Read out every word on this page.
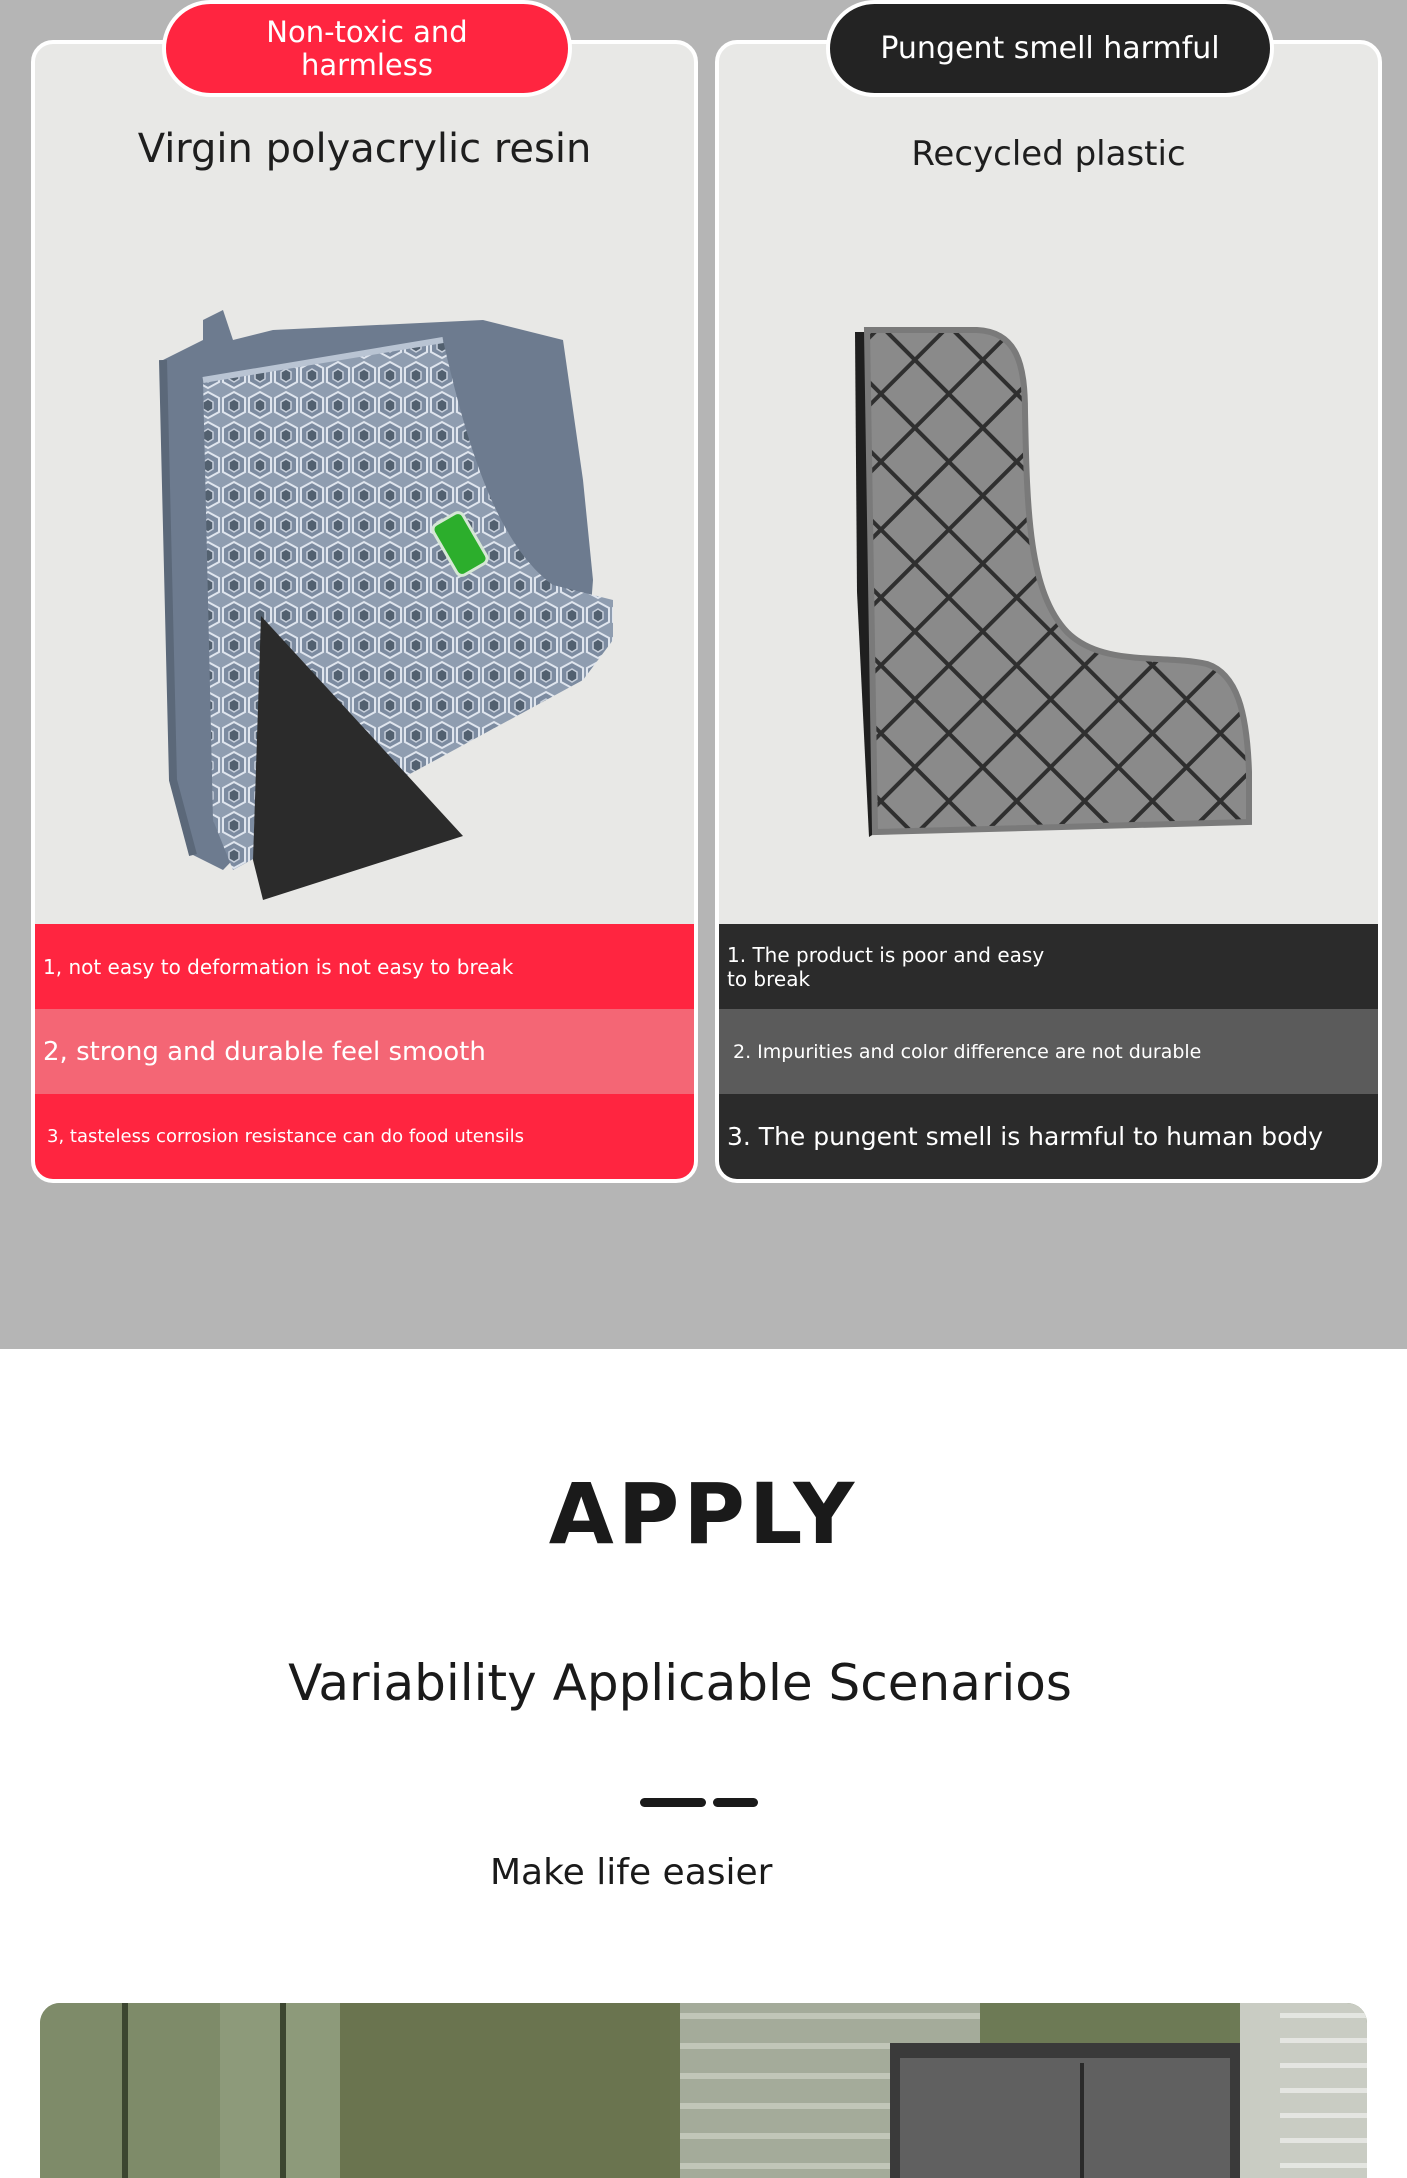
Virgin polyacrylic resin
1, not easy to deformation is not easy to break
2, strong and durable feel smooth
3, tasteless corrosion resistance can do food utensils
Recycled plastic
1. The product is poor and easy to break
2. Impurities and color difference are not durable
3. The pungent smell is harmful to human body
Non-toxic and harmless	Pungent smell harmful
APPLY
Variability Applicable Scenarios
Make life easier
